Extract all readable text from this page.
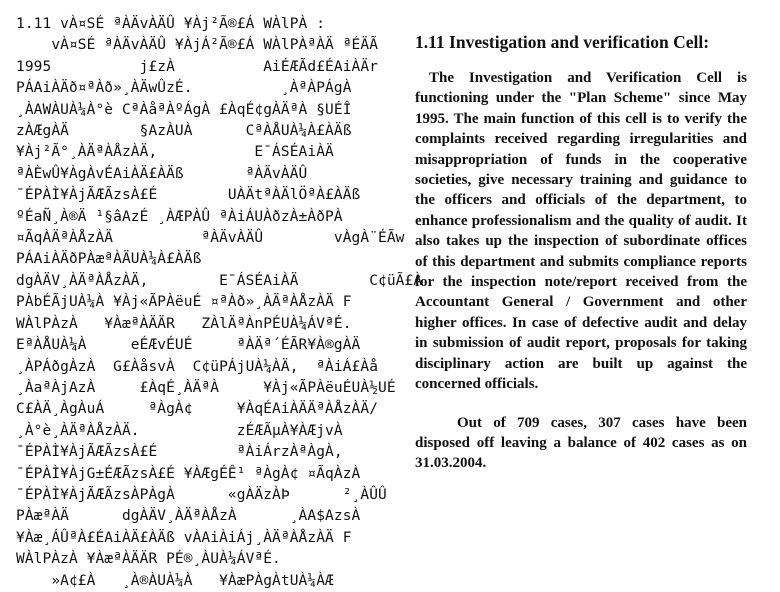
1.11 vÀ¤SÉ ªÀÄvÀÄÛ ¥Àj²Ã®£Á WÀlPÀ :
vÀ¤SÉ ªÀÄvÀÄÛ ¥ÀjÁ²Ã®£Á WÀlPÀªÀÄ ªÉÄÃ
1995          j£zÀ          AiÉÆÃd£ÉAiÀÄr
PÁAiÀÄð¤ªÀð»¸ÀÄwÛzÉ.          ¸ÀªÀPÁgÀ
¸ÀAWÀUÀ¼À°è CªÀåªÀºÁgÀ £ÀqÉ¢gÀÄªÀ §UÉÎ
zÀÆgÀÄ        §AzÀUÀ      CªÀÅUÀ¼À£ÀÄß
¥Àj²Ã°¸ÀÄªÀÅzÀÄ,           E¯ÁSÉAiÀÄ
ªÀÈwÛ¥ÀgÀvÉAiÀÄ£ÀÄß       ªÀÄvÀÄÛ
¯ÉPÀÌ¥ÀjÃÆÃzsÀ£É        UÀÄtªÀÄlÖªÀ£ÀÄß
ºÉaÑ¸À®Ä ¹§âAzÉ ¸ÀÆPÀÛ ªÀiÁUÀðzÀ±ÀðPÀ
¤ÃqÀÄªÀÅzÀÄ          ªÀÄvÀÄÛ        vÀgÀ¨ÉÃw
PÁAiÀÄðPÀæªÀÄUÀ¼À£ÀÄß
dgÀÄV¸ÀÄªÀÅzÀÄ,        E¯ÁSÉAiÀÄ        C¢üÃ£À
PÀbÉÃjUÀ¼À ¥Àj«ÃPÀëuÉ ¤ªÀð»¸ÀÄªÀÅzÀÄ F
WÀlPÀzÀ   ¥ÀæªÀÄÄR   ZÀlÄªÀnPÉUÀ¼ÁVªÉ.
EªÀÅUÀ¼À     eÉÆvÉUÉ     ªÀÄª´ÉÃR¥À®gÀÄ
¸ÀPÁðgÀzÀ  G£ÀåsvÀ  C¢üPÁjUÀ¼ÀÄ,  ªÀiÁ£Àå
¸ÀaªÀjAzÀ     £ÀqÉ¸ÀÄªÀ     ¥Àj«ÃPÀëuÉUÀ½UÉ
C£ÀÄ¸ÀgÀuÁ     ªÀgÀ¢     ¥ÀqÉAiÀÄÄªÀÅzÀÄ/
¸À°è¸ÀÄªÀÅzÀÄ.           zÉÆÃµÀ¥ÀÆjvÀ
¯ÉPÀÌ¥ÀjÃÆÃzsÀ£É         ªÀiÁrzÀªÀgÀ,
¯ÉPÀÌ¥ÀjG±ÉÆÃzsÀ£É ¥ÀÆgÉÊ¹ ªÀgÀ¢ ¤ÃqÀzÀ
¯ÉPÀÌ¥ÀjÃÆÃzsÀPÀgÀ      «gÀÄzÀÞ      ²¸ÀÛÛ
PÀæªÀÄ      dgÀÄV¸ÀÄªÀÅzÀ      ¸ÀA$AzsÀ
¥Àæ¸ÁÛªÀ£ÉAiÀÄ£ÀÄß vÀAiÀiÁj¸ÀÄªÀÅzÀÄ F
WÀlPÀzÀ ¥ÀæªÀÄÄR PÉ®¸ÀUÀ¼ÁVªÉ.
»A¢£À   ¸À®ÀUÀ¼À   ¥ÀæPÀgÀtUÀ¼ÀÆ
1.11 Investigation and verification Cell:

The Investigation and Verification Cell is functioning under the "Plan Scheme" since May 1995. The main function of this cell is to verify the complaints received regarding irregularities and misappropriation of funds in the cooperative societies, give necessary training and guidance to the officers and officials of the department, to enhance professionalism and the quality of audit. It also takes up the inspection of subordinate offices of this department and submits compliance reports for the inspection note/report received from the Accountant General / Government and other higher offices. In case of defective audit and delay in submission of audit report, proposals for taking disciplinary action are built up against the concerned officials.

Out of 709 cases, 307 cases have been disposed off leaving a balance of 402 cases as on 31.03.2004.
